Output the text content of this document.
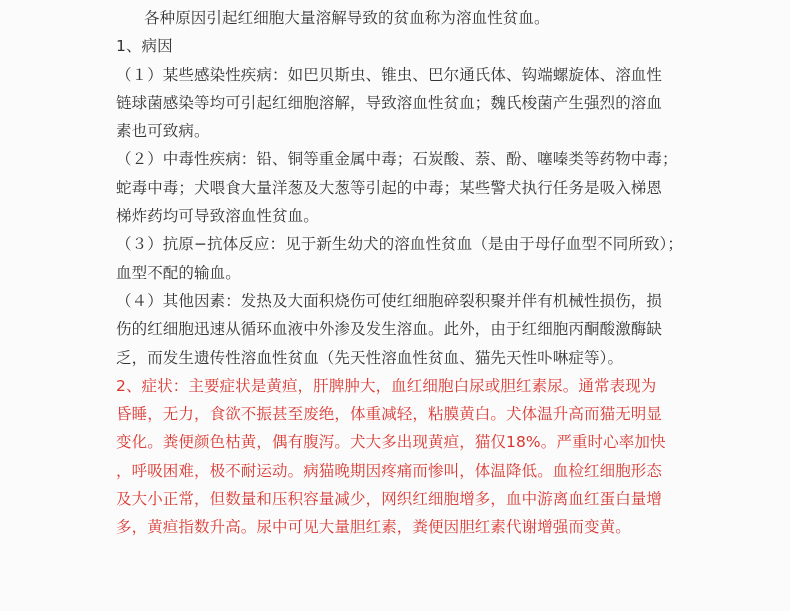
各种原因引起红细胞大量溶解导致的贫血称为溶血性贫血。
1、病因
（１）某些感染性疾病：如巴贝斯虫、锥虫、巴尔通氏体、钩端螺旋体、溶血性
链球菌感染等均可引起红细胞溶解，导致溶血性贫血；魏氏梭菌产生强烈的溶血
素也可致病。
（２）中毒性疾病：铅、铜等重金属中毒；石炭酸、萘、酚、噻嗪类等药物中毒；
蛇毒中毒；犬喂食大量洋葱及大葱等引起的中毒；某些警犬执行任务是吸入梯恩
梯炸药均可导致溶血性贫血。
（３）抗原−抗体反应：见于新生幼犬的溶血性贫血（是由于母仔血型不同所致）；
血型不配的输血。
（４）其他因素：发热及大面积烧伤可使红细胞碎裂积聚并伴有机械性损伤，损
伤的红细胞迅速从循环血液中外渗及发生溶血。此外，由于红细胞丙酮酸激酶缺
乏，而发生遗传性溶血性贫血（先天性溶血性贫血、猫先天性卟啉症等）。
2、症状：主要症状是黄疸，肝脾肿大，血红细胞白尿或胆红素尿。通常表现为
昏睡，无力，食欲不振甚至废绝，体重减轻，粘膜黄白。犬体温升高而猫无明显
变化。粪便颜色枯黄，偶有腹泻。犬大多出现黄疸，猫仅18%。严重时心率加快
，呼吸困难，极不耐运动。病猫晚期因疼痛而惨叫，体温降低。血检红细胞形态
及大小正常，但数量和压积容量减少，网织红细胞增多，血中游离血红蛋白量增
多，黄疸指数升高。尿中可见大量胆红素，粪便因胆红素代谢增强而变黄。
